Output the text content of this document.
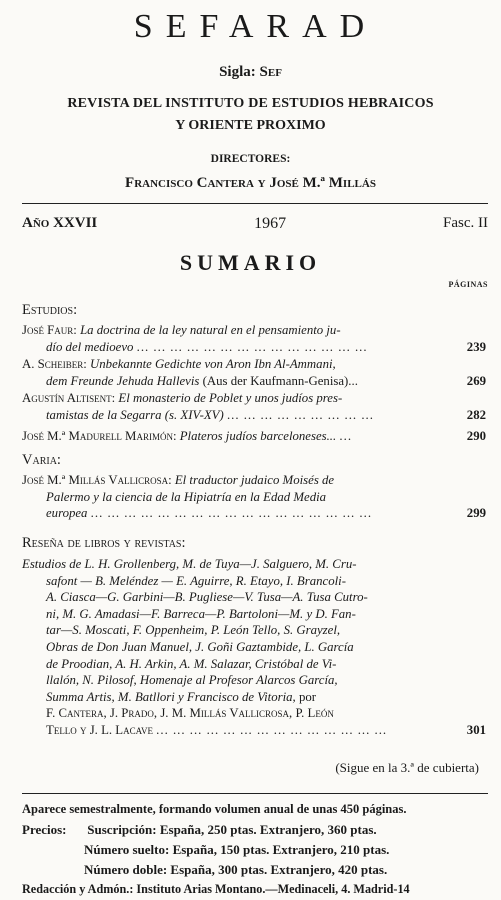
SEFARAD
Sigla: Sef
REVISTA DEL INSTITUTO DE ESTUDIOS HEBRAICOS
Y ORIENTE PROXIMO
DIRECTORES:
Francisco Cantera y José M.ª Millás
Año XXVII	1967	Fasc. II
SUMARIO
PÁGINAS
Estudios:
José Faur: La doctrina de la ley natural en el pensamiento ju-
dío del medioevo ... ... ... ... ... ... ... ... ... ... ... ... ... ...	239
A. Scheiber: Unbekannte Gedichte von Aron Ibn Al-Ammani,
dem Freunde Jehuda Hallevis (Aus der Kaufmann-Genisa)...	269
Agustín Altisent: El monasterio de Poblet y unos judíos pres-
tamistas de la Segarra (s. XIV-XV) ... ... ... ... ... ... ... ... ...	282
José M.ª Madurell Marimón: Plateros judíos barceloneses... ...	290
Varia:
José M.ª Millás Vallicrosa: El traductor judaico Moisés de
Palermo y la ciencia de la Hipiatría en la Edad Media
europea ... ... ... ... ... ... ... ... ... ... ... ... ... ... ... ... ...	299
Reseña de libros y revistas:
Estudios de L. H. Grollenberg, M. de Tuya—J. Salguero, M. Cru-
safont — B. Meléndez — E. Aguirre, R. Etayo, I. Brancoli-
A. Ciasca—G. Garbini—B. Pugliese—V. Tusa—A. Tusa Cutro-
ni, M. G. Amadasi—F. Barreca—P. Bartoloni—M. y D. Fan-
tar—S. Moscati, F. Oppenheim, P. León Tello, S. Grayzel,
Obras de Don Juan Manuel, J. Goñi Gaztambide, L. García
de Proodian, A. H. Arkin, A. M. Salazar, Cristóbal de Vi-
llalón, N. Pilosof, Homenaje al Profesor Alarcos García,
Summa Artis, M. Batllori y Francisco de Vitoria, por
F. Cantera, J. Prado, J. M. Millás Vallicrosa, P. León
Tello y J. L. Lacave ... ... ... ... ... ... ... ... ... ... ... ... ... ...	301
(Sigue en la 3.ª de cubierta)
Aparece semestralmente, formando volumen anual de unas 450 páginas.
Precios: Suscripción: España, 250 ptas. Extranjero, 360 ptas.
Número suelto: España, 150 ptas. Extranjero, 210 ptas.
Número doble: España, 300 ptas. Extranjero, 420 ptas.
Redacción y Admón.: Instituto Arias Montano.—Medinaceli, 4. Madrid-14
